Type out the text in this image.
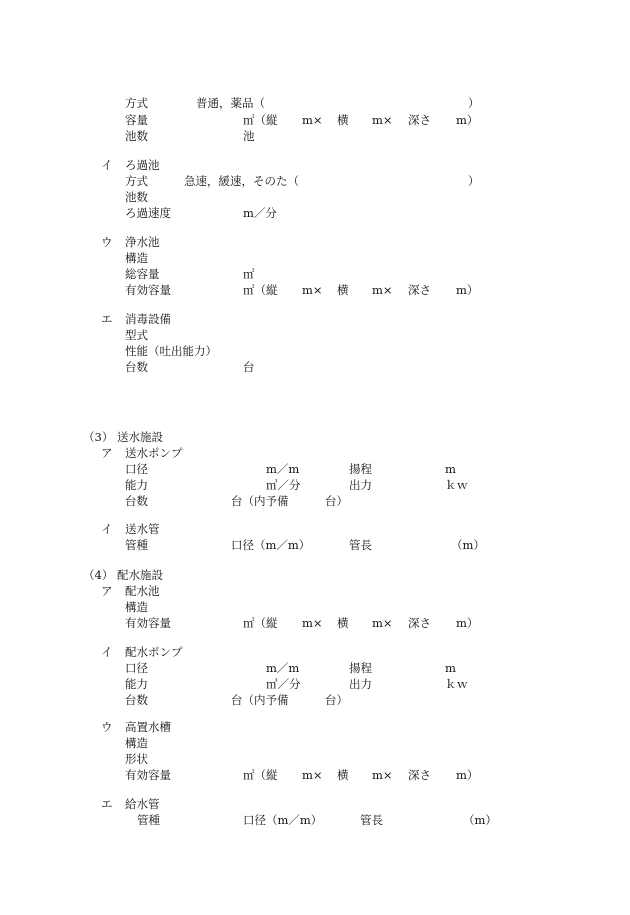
方式	普通，薬品（	）
容量	㎡（縦 m× 横 m× 深さ m）
池数	池
イ ろ過池
方式	急速，緩速，そのた（	）
池数
ろ過速度	m／分
ウ 浄水池
構造
総容量	㎡
有効容量	㎡（縦 m× 横 m× 深さ m）
エ 消毒設備
型式
性能（吐出能力）
台数	台
（3） 送水施設
ア 送水ポンプ
口径	m／m	揚程	m
能力	㎥／分	出力	ｋｗ
台数	台（内予備	台）
イ 送水管
管種	口径（m／m）	管長	（m）
（4） 配水施設
ア 配水池
構造
有効容量	㎡（縦 m× 横 m× 深さ m）
イ 配水ポンプ
口径	m／m	揚程	m
能力	㎥／分	出力	ｋｗ
台数	台（内予備	台）
ウ 高置水槽
構造
形状
有効容量	㎡（縦 m× 横 m× 深さ m）
エ 給水管
管種	口径（m／m）	管長	（m）
